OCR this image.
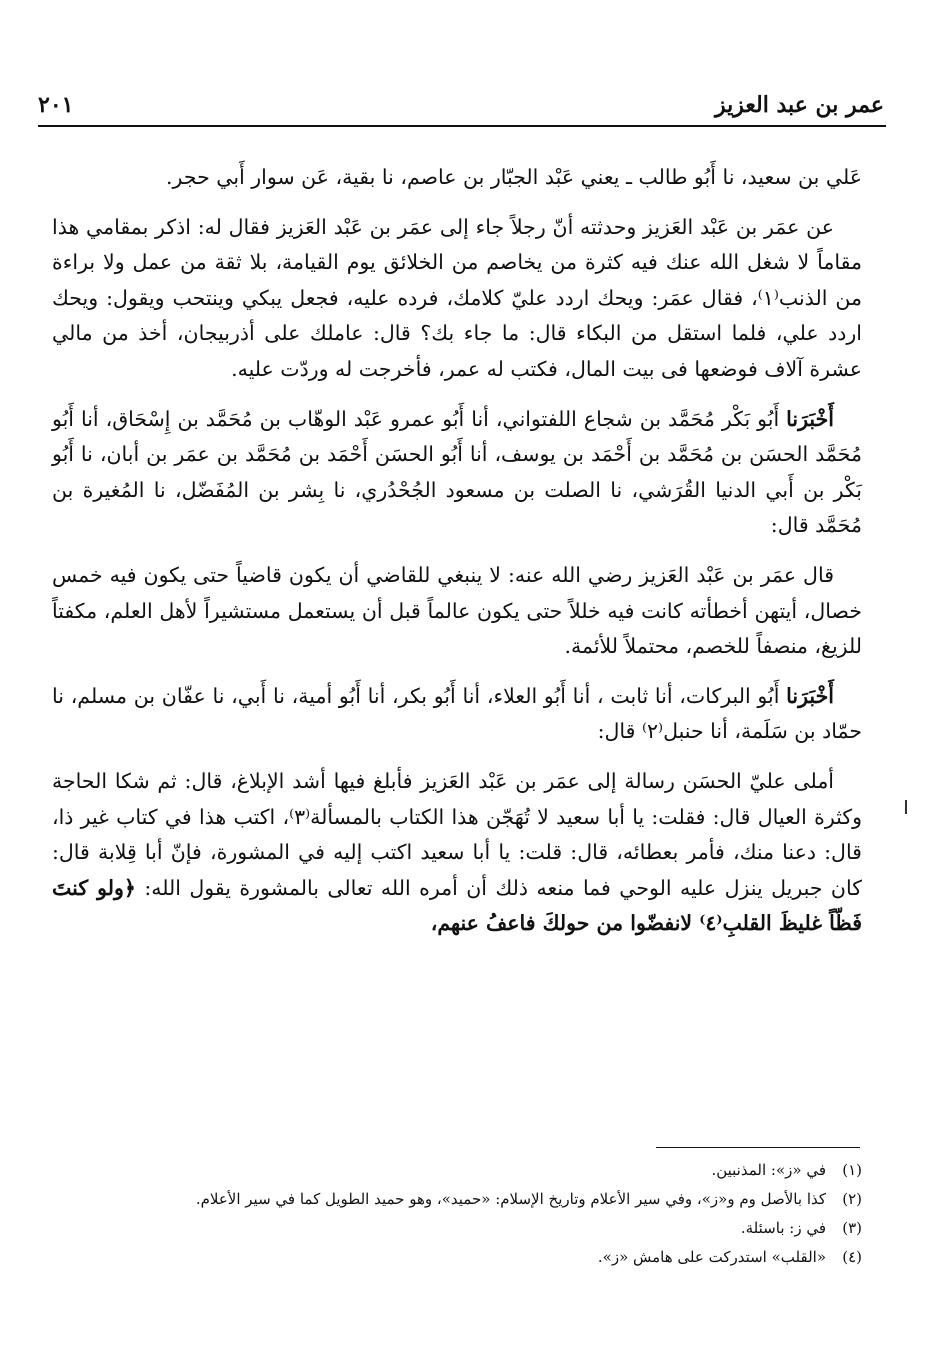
عمر بن عبد العزيز
٢٠١

عَلي بن سعيد، نا أَبُو طالب ـ يعني عَبْد الجبّار بن عاصم، نا بقية، عَن سوار أَبي حجر.

عن عمَر بن عَبْد العَزيز وحدثته أنّ رجلاً جاء إلى عمَر بن عَبْد العَزيز فقال له: اذكر بمقامي هذا مقاماً لا شغل الله عنك فيه كثرة من يخاصم من الخلائق يوم القيامة، بلا ثقة من عمل ولا براءة من الذنب⁽١⁾، فقال عمَر: ويحك اردد عليّ كلامك، فرده عليه، فجعل يبكي وينتحب ويقول: ويحك اردد علي، فلما استقل من البكاء قال: ما جاء بك؟ قال: عاملك على أذربيجان، أخذ من مالي عشرة آلاف فوضعها فى بيت المال، فكتب له عمر، فأخرجت له وردّت عليه.

أَخْبَرَنا أَبُو بَكْر مُحَمَّد بن شجاع اللفتواني، أنا أَبُو عمرو عَبْد الوهّاب بن مُحَمَّد بن إِسْحَاق، أنا أَبُو مُحَمَّد الحسَن بن مُحَمَّد بن أَحْمَد بن يوسف، أنا أَبُو الحسَن أَحْمَد بن مُحَمَّد بن عمَر بن أبان، نا أَبُو بَكْر بن أَبي الدنيا القُرَشي، نا الصلت بن مسعود الجُحْدُري، نا بِشر بن المُفَضّل، نا المُغيرة بن مُحَمَّد قال:

قال عمَر بن عَبْد العَزيز رضي الله عنه: لا ينبغي للقاضي أن يكون قاضياً حتى يكون فيه خمس خصال، أيتهن أخطأته كانت فيه خللاً حتى يكون عالماً قبل أن يستعمل مستشيراً لأهل العلم، مكفتاً للزيغ، منصفاً للخصم، محتملاً للأئمة.

أَخْبَرَنا أَبُو البركات، أنا ثابت ، أنا أَبُو العلاء، أنا أَبُو بكر، أنا أَبُو أمية، نا أَبي، نا عفّان بن مسلم، نا حمّاد بن سَلَمة، أنا حنبل⁽٢⁾ قال:

أملى عليّ الحسَن رسالة إلى عمَر بن عَبْد العَزيز فأبلغ فيها أشد الإبلاغ، قال: ثم شكا الحاجة وكثرة العيال قال: فقلت: يا أبا سعيد لا تُهَجّن هذا الكتاب بالمسألة⁽٣⁾، اكتب هذا في كتاب غير ذا، قال: دعنا منك، فأمر بعطائه، قال: قلت: يا أبا سعيد اكتب إليه في المشورة، فإنّ أبا قِلابة قال: كان جبريل ينزل عليه الوحي فما منعه ذلك أن أمره الله تعالى بالمشورة يقول الله: ﴿ولو كنتَ فَظّاً غليظَ القلبِ⁽٤⁾ لانفضّوا من حولكَ فاعفُ عنهم،

(١)
في «ز»: المذنبين.
(٢)
كذا بالأصل وم و«ز»، وفي سير الأعلام وتاريخ الإسلام: «حميد»، وهو حميد الطويل كما في سير الأعلام.
(٣)
في ز: باسئلة.
(٤)
«القلب» استدركت على هامش «ز».
